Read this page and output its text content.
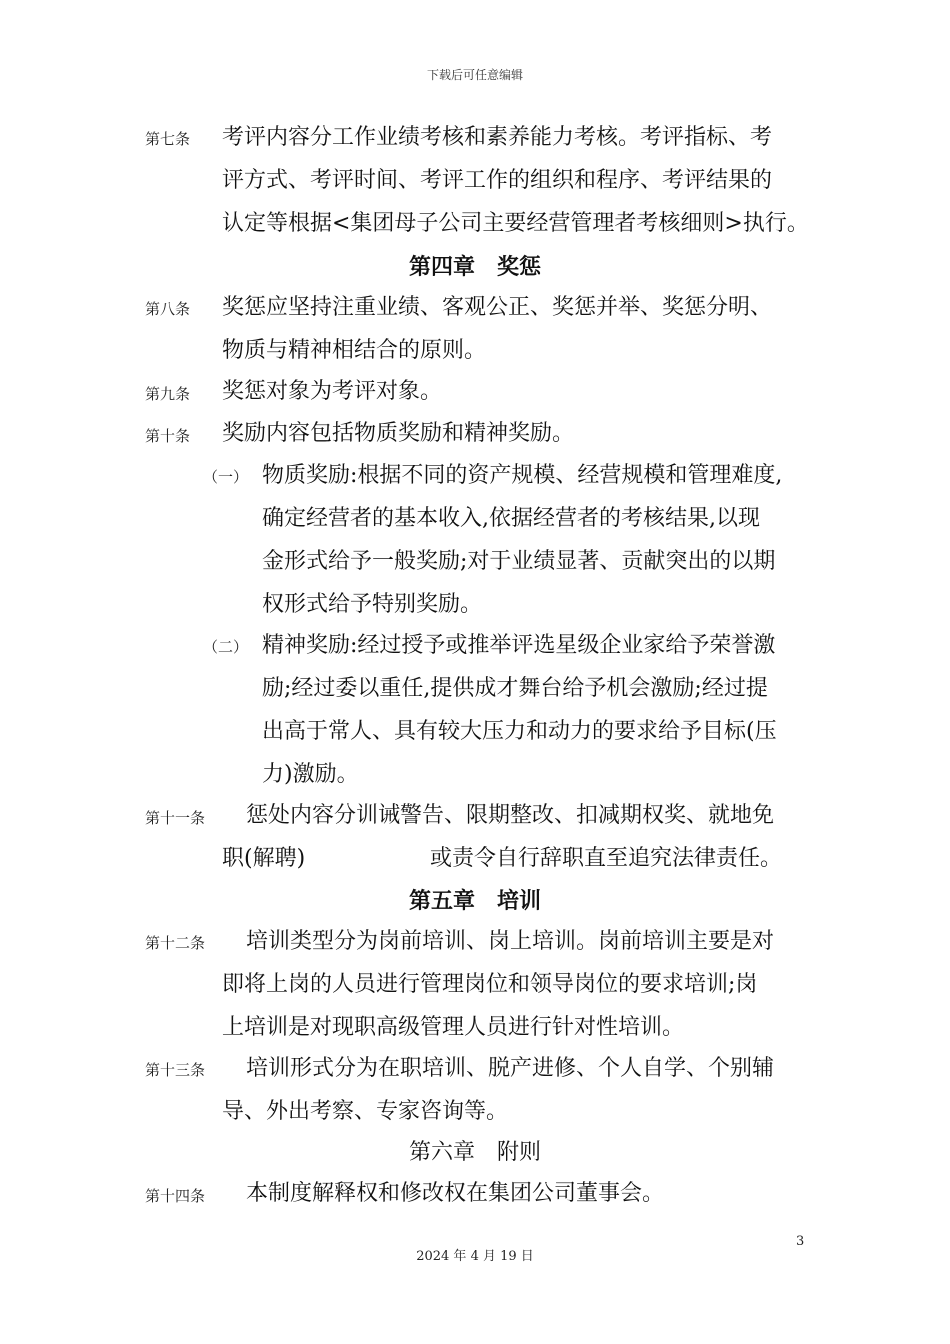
下载后可任意编辑
第七条 考评内容分工作业绩考核和素养能力考核。考评指标、考
评方式、考评时间、考评工作的组织和程序、考评结果的
认定等根据<集团母子公司主要经营管理者考核细则>执行。
第四章　奖惩
第八条 奖惩应坚持注重业绩、客观公正、奖惩并举、奖惩分明、
物质与精神相结合的原则。
第九条 奖惩对象为考评对象。
第十条 奖励内容包括物质奖励和精神奖励。
（一） 物质奖励:根据不同的资产规模、经营规模和管理难度,
确定经营者的基本收入,依据经营者的考核结果,以现
金形式给予一般奖励;对于业绩显著、贡献突出的以期
权形式给予特别奖励。
（二） 精神奖励:经过授予或推举评选星级企业家给予荣誉激
励;经过委以重任,提供成才舞台给予机会激励;经过提
出高于常人、具有较大压力和动力的要求给予目标(压
力)激励。
第十一条 惩处内容分训诫警告、限期整改、扣减期权奖、就地免
职(解聘)	或责令自行辞职直至追究法律责任。
第五章　培训
第十二条 培训类型分为岗前培训、岗上培训。岗前培训主要是对
即将上岗的人员进行管理岗位和领导岗位的要求培训;岗
上培训是对现职高级管理人员进行针对性培训。
第十三条 培训形式分为在职培训、脱产进修、个人自学、个别辅
导、外出考察、专家咨询等。
第六章　附则
第十四条 本制度解释权和修改权在集团公司董事会。
3
2024 年 4 月 19 日
